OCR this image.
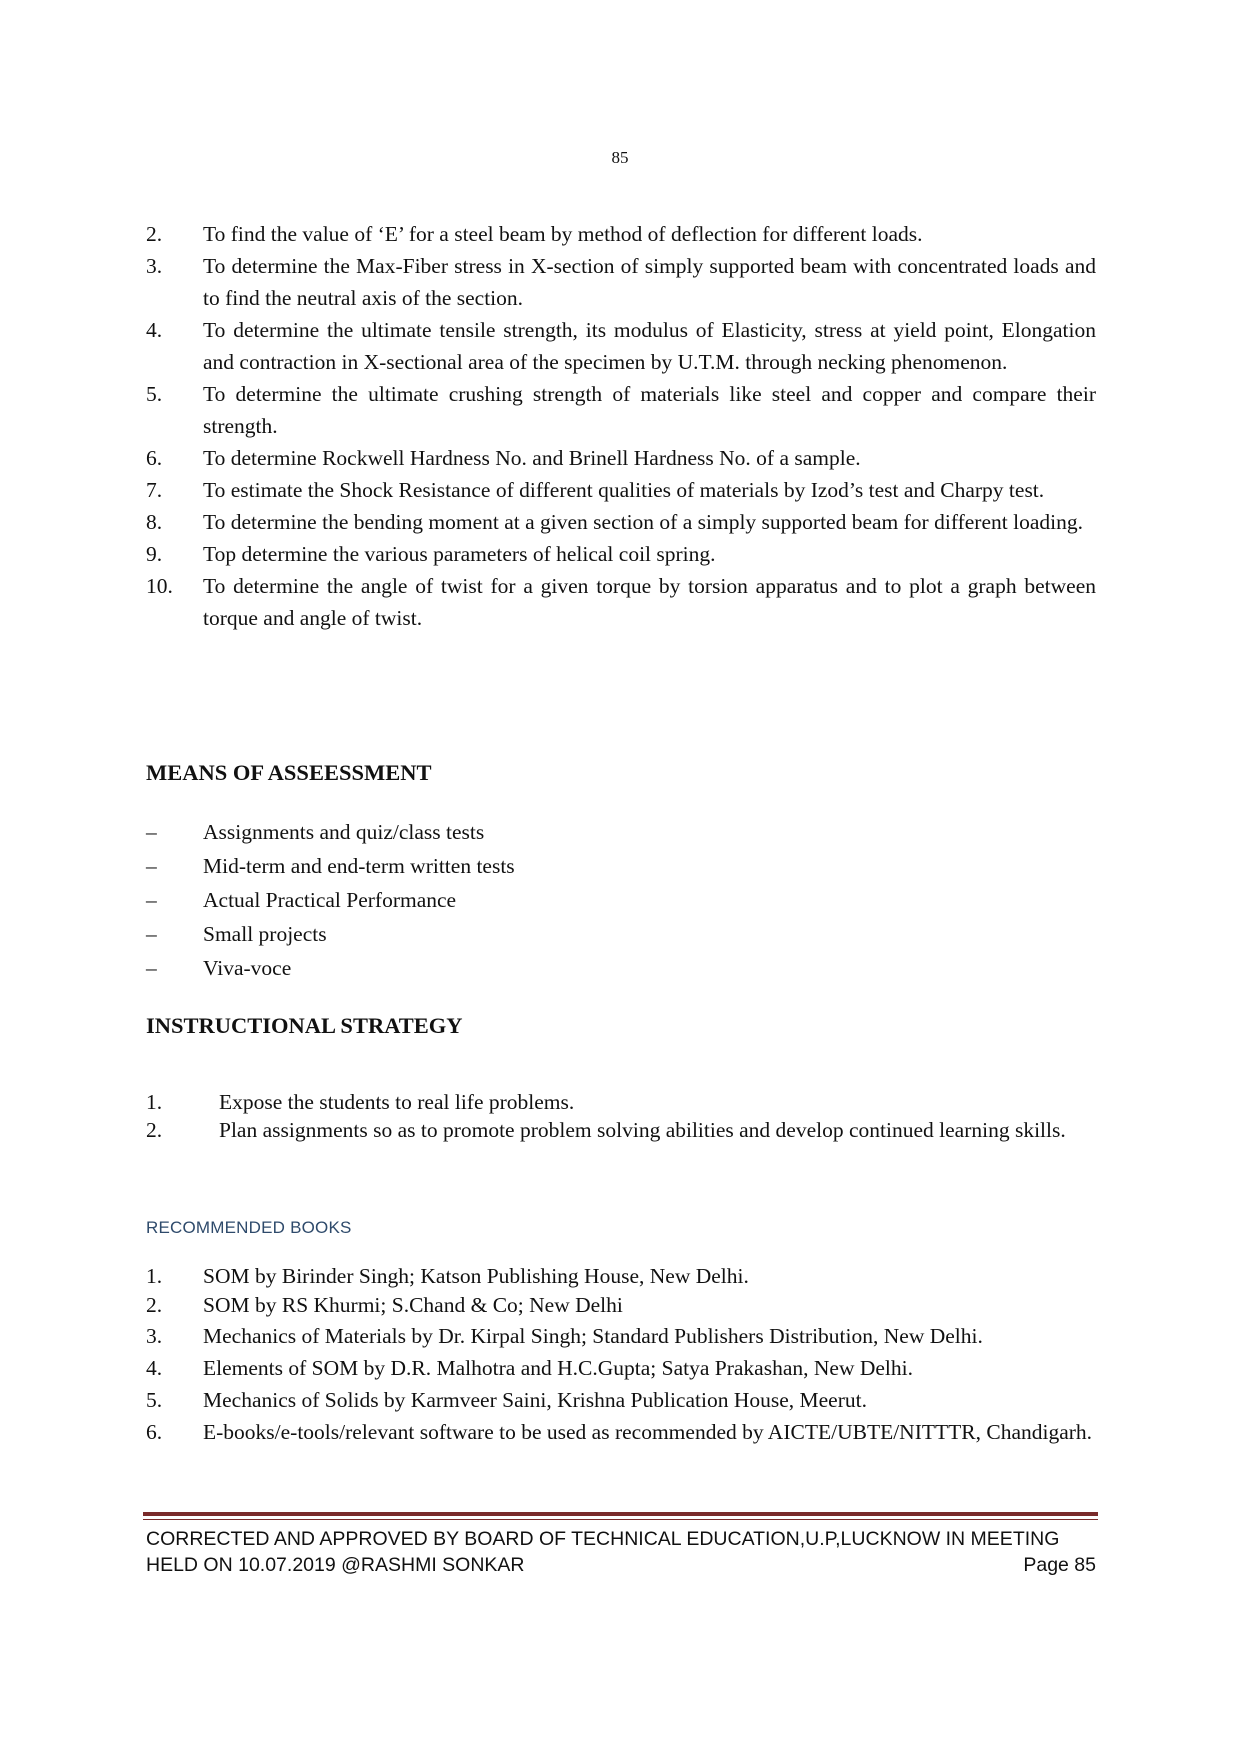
85
2.	To find the value of ‘E’ for a steel beam by method of deflection for different loads.
3.	To determine the Max-Fiber stress in X-section of simply supported beam with concentrated loads and to find the neutral axis of the section.
4.	To determine the ultimate tensile strength, its modulus of Elasticity, stress at yield point, Elongation and contraction in X-sectional area of the specimen by U.T.M. through necking phenomenon.
5.	To determine the ultimate crushing strength of materials like steel and copper and compare their strength.
6.	To determine Rockwell Hardness No. and Brinell Hardness No. of a sample.
7.	To estimate the Shock Resistance of different qualities of materials by Izod’s test and Charpy test.
8.	To determine the bending moment at a given section of a simply supported beam for different loading.
9.	Top determine the various parameters of helical coil spring.
10.	To determine the angle of twist for a given torque by torsion apparatus and to plot a graph between torque and angle of twist.
MEANS OF ASSEESSMENT
–	Assignments and quiz/class tests
–	Mid-term and end-term written tests
–	Actual Practical Performance
–	Small projects
–	Viva-voce
INSTRUCTIONAL STRATEGY
1.	Expose the students to real life problems.
2.	Plan assignments so as to promote problem solving abilities and develop continued learning skills.
RECOMMENDED BOOKS
1.	SOM by Birinder Singh; Katson Publishing House, New Delhi.
2.	SOM by RS Khurmi; S.Chand & Co; New Delhi
3.	Mechanics of Materials by Dr. Kirpal Singh; Standard Publishers Distribution, New Delhi.
4.	Elements of SOM by D.R. Malhotra and H.C.Gupta; Satya Prakashan, New Delhi.
5.	Mechanics of Solids by Karmveer Saini, Krishna Publication House, Meerut.
6.	E-books/e-tools/relevant software to be used as recommended by AICTE/UBTE/NITTTR, Chandigarh.
CORRECTED AND APPROVED BY BOARD OF TECHNICAL EDUCATION,U.P,LUCKNOW IN MEETING
HELD ON 10.07.2019 @RASHMI SONKAR	Page 85
